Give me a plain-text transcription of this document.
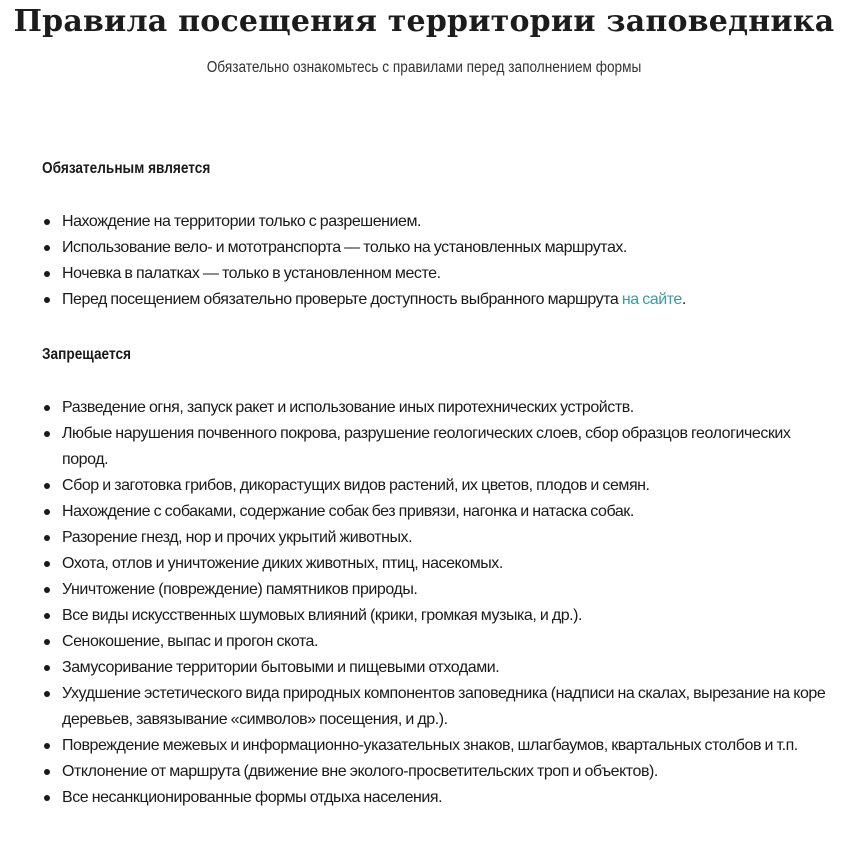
Правила посещения территории заповедника

Обязательно ознакомьтесь с правилами перед заполнением формы

Обязательным является
Нахождение на территории только с разрешением.
Использование вело- и мототранспорта — только на установленных маршрутах.
Ночевка в палатках — только в установленном месте.
Перед посещением обязательно проверьте доступность выбранного маршрута на сайте.
Запрещается
Разведение огня, запуск ракет и использование иных пиротехнических устройств.
Любые нарушения почвенного покрова, разрушение геологических слоев, сбор образцов геологических пород.
Сбор и заготовка грибов, дикорастущих видов растений, их цветов, плодов и семян.
Нахождение с собаками, содержание собак без привязи, нагонка и натаска собак.
Разорение гнезд, нор и прочих укрытий животных.
Охота, отлов и уничтожение диких животных, птиц, насекомых.
Уничтожение (повреждение) памятников природы.
Все виды искусственных шумовых влияний (крики, громкая музыка, и др.).
Сенокошение, выпас и прогон скота.
Замусоривание территории бытовыми и пищевыми отходами.
Ухудшение эстетического вида природных компонентов заповедника (надписи на скалах, вырезание на коре деревьев, завязывание «символов» посещения, и др.).
Повреждение межевых и информационно-указательных знаков, шлагбаумов, квартальных столбов и т.п.
Отклонение от маршрута (движение вне эколого-просветительских троп и объектов).
Все несанкционированные формы отдыха населения.
